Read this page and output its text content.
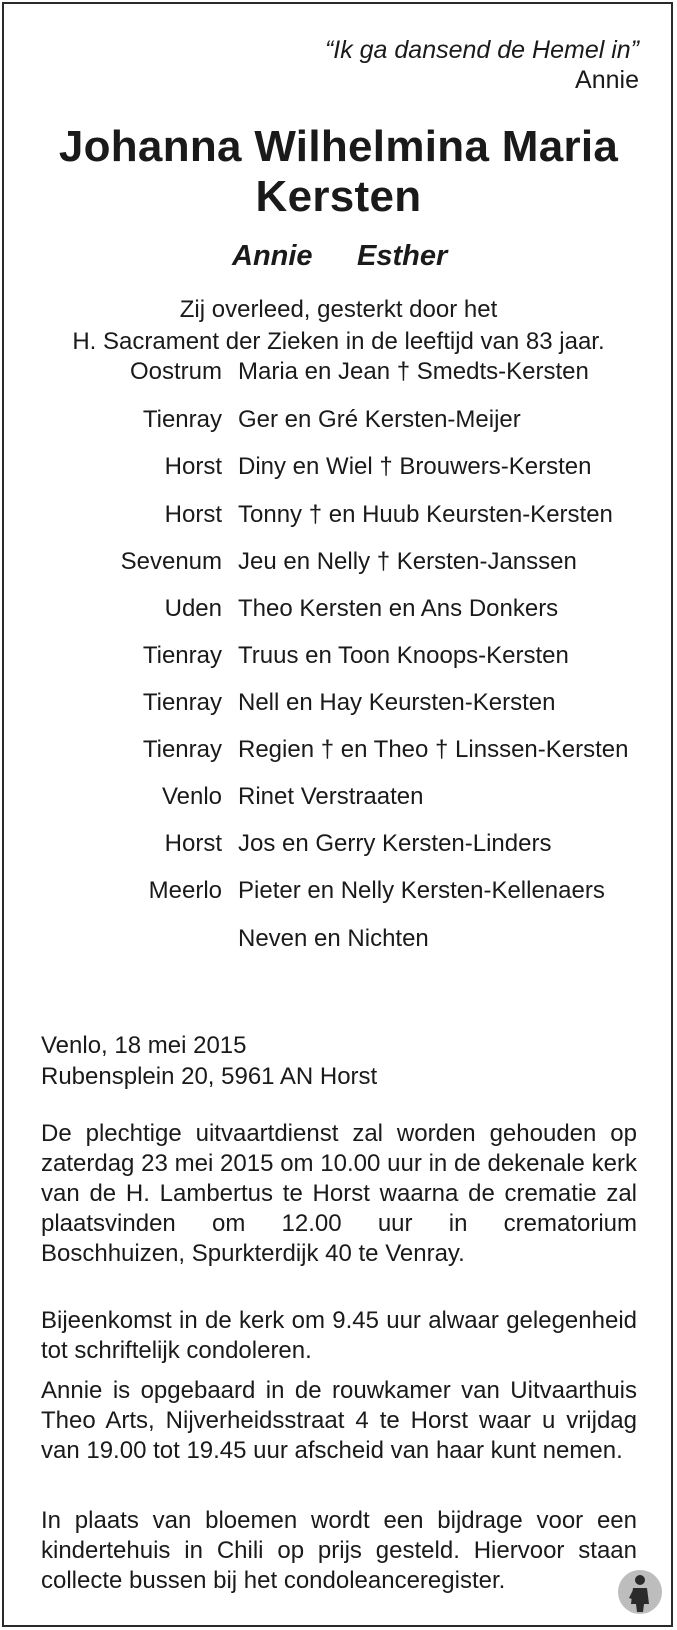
“Ik ga dansend de Hemel in”
Annie
Johanna Wilhelmina Maria
Kersten
Annie Esther
Zij overleed, gesterkt door het
H. Sacrament der Zieken in de leeftijd van 83 jaar.
Oostrum Maria en Jean † Smedts-Kersten
Tienray Ger en Gré Kersten-Meijer
Horst Diny en Wiel † Brouwers-Kersten
Horst Tonny † en Huub Keursten-Kersten
Sevenum Jeu en Nelly † Kersten-Janssen
Uden Theo Kersten en Ans Donkers
Tienray Truus en Toon Knoops-Kersten
Tienray Nell en Hay Keursten-Kersten
Tienray Regien † en Theo † Linssen-Kersten
Venlo Rinet Verstraaten
Horst Jos en Gerry Kersten-Linders
Meerlo Pieter en Nelly Kersten-Kellenaers
Neven en Nichten
Venlo, 18 mei 2015
Rubensplein 20, 5961 AN Horst
De plechtige uitvaartdienst zal worden gehouden op zaterdag 23 mei 2015 om 10.00 uur in de dekenale kerk van de H. Lambertus te Horst waarna de crematie zal plaatsvinden om 12.00 uur in crematorium Boschhuizen, Spurkterdijk 40 te Venray.
Bijeenkomst in de kerk om 9.45 uur alwaar gelegenheid tot schriftelijk condoleren.
Annie is opgebaard in de rouwkamer van Uitvaarthuis Theo Arts, Nijverheidsstraat 4 te Horst waar u vrijdag van 19.00 tot 19.45 uur afscheid van haar kunt nemen.
In plaats van bloemen wordt een bijdrage voor een kindertehuis in Chili op prijs gesteld. Hiervoor staan collecte bussen bij het condoleanceregister.
